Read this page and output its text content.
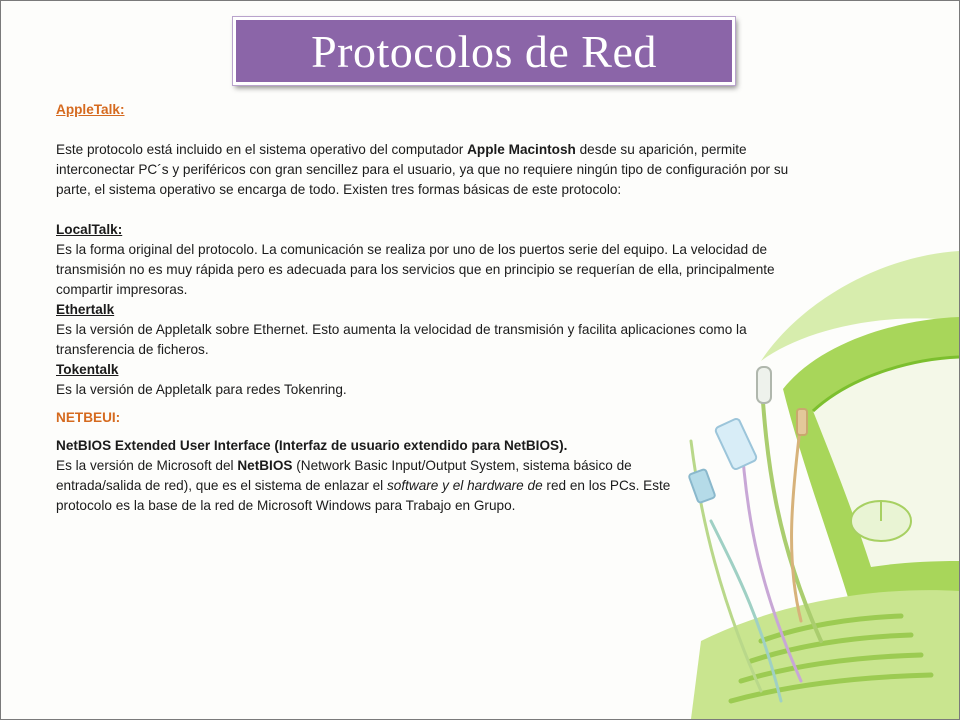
Protocolos de Red

AppleTalk:

Este protocolo está incluido en el sistema operativo del computador Apple Macintosh desde su aparición, permite interconectar PC´s y periféricos con gran sencillez para el usuario, ya que no requiere ningún tipo de configuración por su parte, el sistema operativo se encarga de todo. Existen tres formas básicas de este protocolo:

LocalTalk:

Es la forma original del protocolo. La comunicación se realiza por uno de los puertos serie del equipo. La velocidad de transmisión no es muy rápida pero es adecuada para los servicios que en principio se requerían de ella, principalmente compartir impresoras.

Ethertalk

Es la versión de Appletalk sobre Ethernet. Esto aumenta la velocidad de transmisión y facilita aplicaciones como la transferencia de ficheros.

Tokentalk

Es la versión de Appletalk para redes Tokenring.

NETBEUI:

NetBIOS Extended User Interface (Interfaz de usuario extendido para NetBIOS).

Es la versión de Microsoft del NetBIOS (Network Basic Input/Output System, sistema básico de entrada/salida de red), que es el sistema de enlazar el software y el hardware de red en los PCs. Este protocolo es la base de la red de Microsoft Windows para Trabajo en Grupo.
